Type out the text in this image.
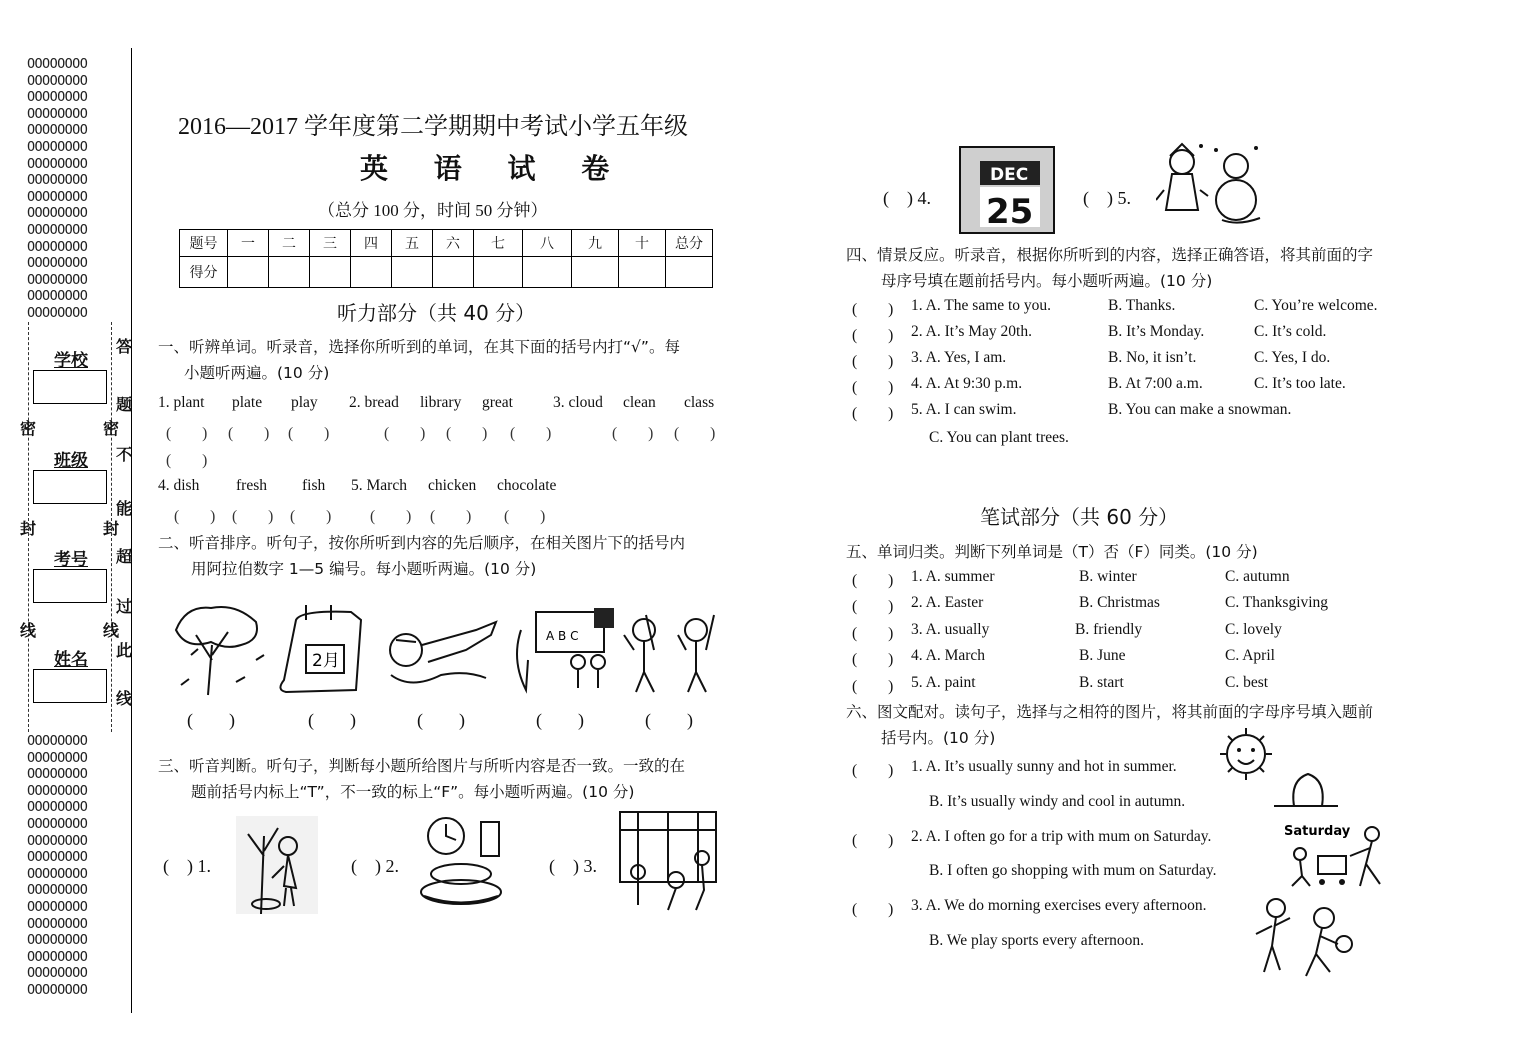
OOOOOOOO
OOOOOOOO
OOOOOOOO
OOOOOOOO
OOOOOOOO
OOOOOOOO
OOOOOOOO
OOOOOOOO
OOOOOOOO
OOOOOOOO
OOOOOOOO
OOOOOOOO
OOOOOOOO
OOOOOOOO
OOOOOOOO
OOOOOOOO
OOOOOOOO
OOOOOOOO
OOOOOOOO
OOOOOOOO
OOOOOOOO
OOOOOOOO
OOOOOOOO
OOOOOOOO
OOOOOOOO
OOOOOOOO
OOOOOOOO
OOOOOOOO
OOOOOOOO
OOOOOOOO
OOOOOOOO
OOOOOOOO
学校
班级
考号
姓名
密
封
线
密
封
线
答
题
不
能
超
过
此
线
2016—2017 学年度第二学期期中考试小学五年级
英 语 试 卷
（总分 100 分，时间 50 分钟）
题号	一	二	三	四	五	六	七	八	九	十	总分
得分											
听力部分（共 40 分）
一、听辨单词。听录音，选择你所听到的单词，在其下面的括号内打“√”。每
小题听两遍。(10 分)
1. plant plate play 2. bread library great	3. cloud clean class
(　　) (　　) (　　)	(　　) (　　) (　　)	(　　) (　　)
(　　)
4. dish fresh fish 5. March chicken chocolate
(　　) (　　) (　　) (　　) (　　) (　　)
二、听音排序。听句子，按你所听到内容的先后顺序，在相关图片下的括号内
用阿拉伯数字 1—5 编号。每小题听两遍。(10 分)
2月
A B C
(　　)	(　　)	(　　)	(　　)	(　　)
三、听音判断。听句子，判断每小题所给图片与所听内容是否一致。一致的在
题前括号内标上“T”，不一致的标上“F”。每小题听两遍。(10 分)
(　) 1.	(　) 2.	(　) 3.
(　) 4.
DEC
25	(　) 5.
四、情景反应。听录音，根据你所听到的内容，选择正确答语，将其前面的字
母序号填在题前括号内。每小题听两遍。(10 分)
(　　) 1. A. The same to you.	B. Thanks.	C. You’re welcome.
(　　) 2. A. It’s May 20th.	B. It’s Monday.	C. It’s cold.
(　　) 3. A. Yes, I am.	B. No, it isn’t.	C. Yes, I do.
(　　) 4. A. At 9:30 p.m.	B. At 7:00 a.m.	C. It’s too late.
(　　) 5. A. I can swim.	B. You can make a snowman.
C. You can plant trees.
笔试部分（共 60 分）
五、单词归类。判断下列单词是（T）否（F）同类。(10 分)
(　　) 1. A. summer	B. winter	C. autumn
(　　) 2. A. Easter	B. Christmas	C. Thanksgiving
(　　) 3. A. usually	B. friendly	C. lovely
(　　) 4. A. March	B. June	C. April
(　　) 5. A. paint	B. start	C. best
六、图文配对。读句子，选择与之相符的图片，将其前面的字母序号填入题前
括号内。(10 分)
(　　) 1. A. It’s usually sunny and hot in summer.
B. It’s usually windy and cool in autumn.
(　　) 2. A. I often go for a trip with mum on Saturday.
B. I often go shopping with mum on Saturday.
(　　) 3. A. We do morning exercises every afternoon.
B. We play sports every afternoon.
Saturday
